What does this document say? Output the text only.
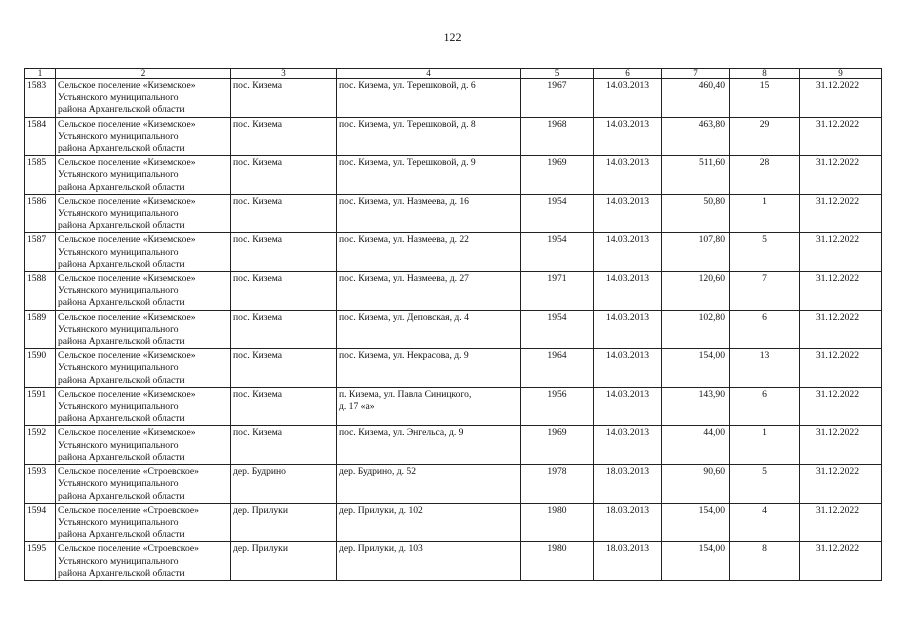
122
1	2	3	4	5	6	7	8	9
1583	Сельское поселение «Киземское»
Устьянского муниципального
района Архангельской области	пос. Кизема	пос. Кизема, ул. Терешковой, д. 6	1967	14.03.2013	460,40	15	31.12.2022
1584	Сельское поселение «Киземское»
Устьянского муниципального
района Архангельской области	пос. Кизема	пос. Кизема, ул. Терешковой, д. 8	1968	14.03.2013	463,80	29	31.12.2022
1585	Сельское поселение «Киземское»
Устьянского муниципального
района Архангельской области	пос. Кизема	пос. Кизема, ул. Терешковой, д. 9	1969	14.03.2013	511,60	28	31.12.2022
1586	Сельское поселение «Киземское»
Устьянского муниципального
района Архангельской области	пос. Кизема	пос. Кизема, ул. Назмеева, д. 16	1954	14.03.2013	50,80	1	31.12.2022
1587	Сельское поселение «Киземское»
Устьянского муниципального
района Архангельской области	пос. Кизема	пос. Кизема, ул. Назмеева, д. 22	1954	14.03.2013	107,80	5	31.12.2022
1588	Сельское поселение «Киземское»
Устьянского муниципального
района Архангельской области	пос. Кизема	пос. Кизема, ул. Назмеева, д. 27	1971	14.03.2013	120,60	7	31.12.2022
1589	Сельское поселение «Киземское»
Устьянского муниципального
района Архангельской области	пос. Кизема	пос. Кизема, ул. Деповская, д. 4	1954	14.03.2013	102,80	6	31.12.2022
1590	Сельское поселение «Киземское»
Устьянского муниципального
района Архангельской области	пос. Кизема	пос. Кизема, ул. Некрасова, д. 9	1964	14.03.2013	154,00	13	31.12.2022
1591	Сельское поселение «Киземское»
Устьянского муниципального
района Архангельской области	пос. Кизема	п. Кизема, ул. Павла Синицкого,
д. 17 «а»	1956	14.03.2013	143,90	6	31.12.2022
1592	Сельское поселение «Киземское»
Устьянского муниципального
района Архангельской области	пос. Кизема	пос. Кизема, ул. Энгельса, д. 9	1969	14.03.2013	44,00	1	31.12.2022
1593	Сельское поселение «Строевское»
Устьянского муниципального
района Архангельской области	дер. Будрино	дер. Будрино, д. 52	1978	18.03.2013	90,60	5	31.12.2022
1594	Сельское поселение «Строевское»
Устьянского муниципального
района Архангельской области	дер. Прилуки	дер. Прилуки, д. 102	1980	18.03.2013	154,00	4	31.12.2022
1595	Сельское поселение «Строевское»
Устьянского муниципального
района Архангельской области	дер. Прилуки	дер. Прилуки, д. 103	1980	18.03.2013	154,00	8	31.12.2022
